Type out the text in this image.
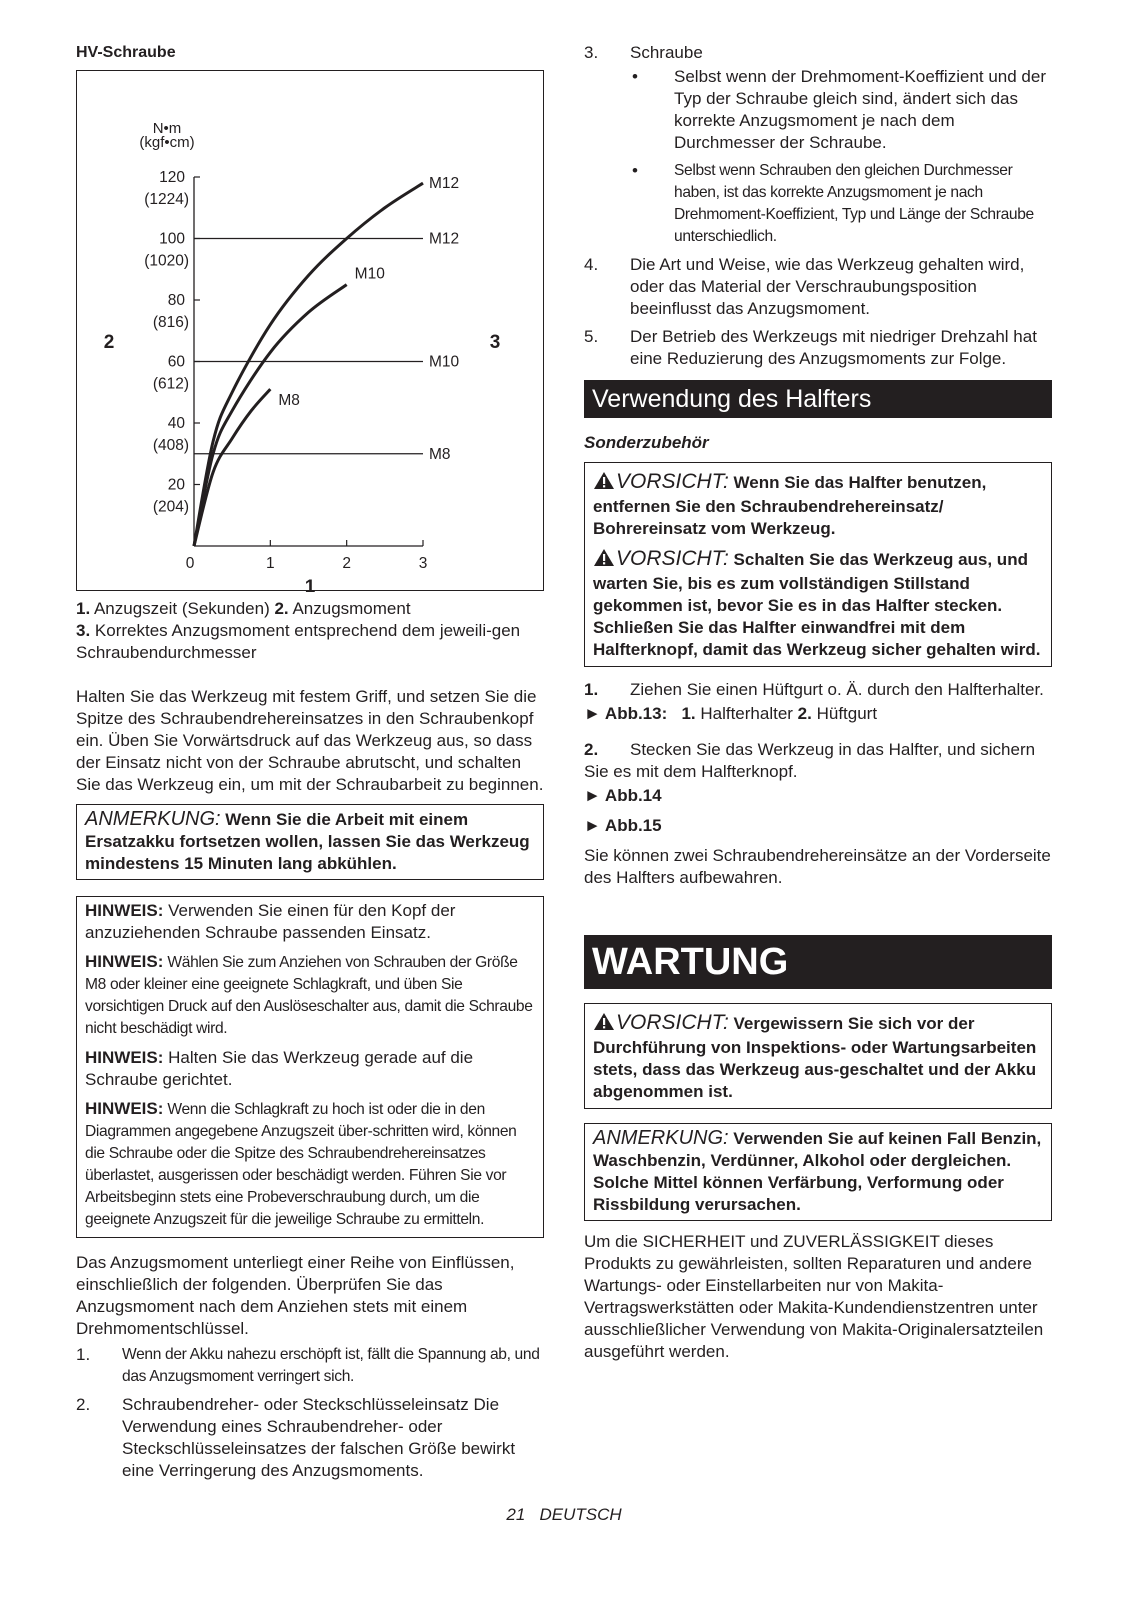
HV-Schraube
N•m
(kgf•cm)
120
(1224)
100
(1020)
80
(816)
60
(612)
40
(408)
20
(204)
0	1	2	3
M12
M10
M8
M12
M10
M8
1
2	3
1. Anzugszeit (Sekunden) 2. Anzugsmoment
3. Korrektes Anzugsmoment entsprechend dem jeweili-gen Schraubendurchmesser

Halten Sie das Werkzeug mit festem Griff, und setzen Sie die Spitze des Schraubendrehereinsatzes in den Schraubenkopf ein. Üben Sie Vorwärtsdruck auf das Werkzeug aus, so dass der Einsatz nicht von der Schraube abrutscht, und schalten Sie das Werkzeug ein, um mit der Schraubarbeit zu beginnen.

ANMERKUNG: Wenn Sie die Arbeit mit einem Ersatzakku fortsetzen wollen, lassen Sie das Werkzeug mindestens 15 Minuten lang abkühlen.
HINWEIS: Verwenden Sie einen für den Kopf der anzuziehenden Schraube passenden Einsatz.
HINWEIS: Wählen Sie zum Anziehen von Schrauben der Größe M8 oder kleiner eine geeignete Schlagkraft, und üben Sie vorsichtigen Druck auf den Auslöseschalter aus, damit die Schraube nicht beschädigt wird.
HINWEIS: Halten Sie das Werkzeug gerade auf die Schraube gerichtet.
HINWEIS: Wenn die Schlagkraft zu hoch ist oder die in den Diagrammen angegebene Anzugszeit über-schritten wird, können die Schraube oder die Spitze des Schraubendrehereinsatzes überlastet, ausgerissen oder beschädigt werden. Führen Sie vor Arbeitsbeginn stets eine Probeverschraubung durch, um die geeignete Anzugszeit für die jeweilige Schraube zu ermitteln.

Das Anzugsmoment unterliegt einer Reihe von Einflüssen, einschließlich der folgenden. Überprüfen Sie das Anzugsmoment nach dem Anziehen stets mit einem Drehmomentschlüssel.

1.	Wenn der Akku nahezu erschöpft ist, fällt die Spannung ab, und das Anzugsmoment verringert sich.
2.	Schraubendreher- oder Steckschlüsseleinsatz Die Verwendung eines Schraubendreher- oder Steckschlüsseleinsatzes der falschen Größe bewirkt eine Verringerung des Anzugsmoments.
3.	Schraube
•	Selbst wenn der Drehmoment-Koeffizient und der Typ der Schraube gleich sind, ändert sich das korrekte Anzugsmoment je nach dem Durchmesser der Schraube.
•	Selbst wenn Schrauben den gleichen Durchmesser haben, ist das korrekte Anzugsmoment je nach Drehmoment-Koeffizient, Typ und Länge der Schraube unterschiedlich.
4.	Die Art und Weise, wie das Werkzeug gehalten wird, oder das Material der Verschraubungsposition beeinflusst das Anzugsmoment.
5.	Der Betrieb des Werkzeugs mit niedriger Drehzahl hat eine Reduzierung des Anzugsmoments zur Folge.
Verwendung des Halfters
Sonderzubehör
VORSICHT: Wenn Sie das Halfter benutzen, entfernen Sie den Schraubendrehereinsatz/ Bohrereinsatz vom Werkzeug.
VORSICHT: Schalten Sie das Werkzeug aus, und warten Sie, bis es zum vollständigen Stillstand gekommen ist, bevor Sie es in das Halfter stecken.
Schließen Sie das Halfter einwandfrei mit dem Halfterknopf, damit das Werkzeug sicher gehalten wird.
1. Ziehen Sie einen Hüftgurt o. Ä. durch den Halfterhalter.
► Abb.13: 1. Halfterhalter 2. Hüftgurt
2. Stecken Sie das Werkzeug in das Halfter, und sichern Sie es mit dem Halfterknopf.
► Abb.14
► Abb.15

Sie können zwei Schraubendrehereinsätze an der Vorderseite des Halfters aufbewahren.

WARTUNG
VORSICHT: Vergewissern Sie sich vor der Durchführung von Inspektions- oder Wartungsarbeiten stets, dass das Werkzeug aus-geschaltet und der Akku abgenommen ist.
ANMERKUNG: Verwenden Sie auf keinen Fall Benzin, Waschbenzin, Verdünner, Alkohol oder dergleichen. Solche Mittel können Verfärbung, Verformung oder Rissbildung verursachen.

Um die SICHERHEIT und ZUVERLÄSSIGKEIT dieses Produkts zu gewährleisten, sollten Reparaturen und andere Wartungs- oder Einstellarbeiten nur von Makita-Vertragswerkstätten oder Makita-Kundendienstzentren unter ausschließlicher Verwendung von Makita-Originalersatzteilen ausgeführt werden.

21 DEUTSCH
